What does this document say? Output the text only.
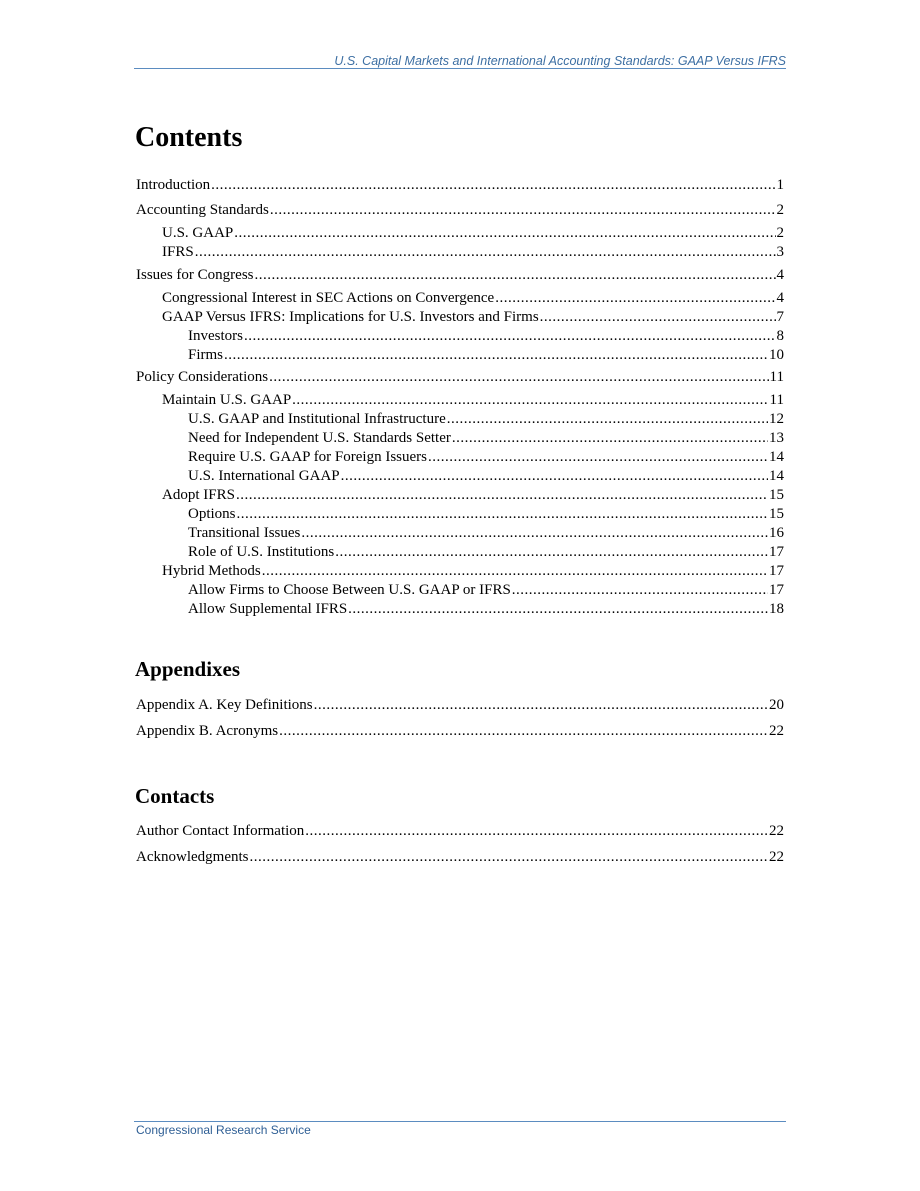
U.S. Capital Markets and International Accounting Standards: GAAP Versus IFRS
Contents
Introduction .....	1
Accounting Standards .....	2
U.S. GAAP .....	2
IFRS .....	3
Issues for Congress .....	4
Congressional Interest in SEC Actions on Convergence .....	4
GAAP Versus IFRS: Implications for U.S. Investors and Firms .....	7
Investors .....	8
Firms .....	10
Policy Considerations .....	11
Maintain U.S. GAAP .....	11
U.S. GAAP and Institutional Infrastructure .....	12
Need for Independent U.S. Standards Setter .....	13
Require U.S. GAAP for Foreign Issuers .....	14
U.S. International GAAP .....	14
Adopt IFRS .....	15
Options .....	15
Transitional Issues .....	16
Role of U.S. Institutions .....	17
Hybrid Methods .....	17
Allow Firms to Choose Between U.S. GAAP or IFRS .....	17
Allow Supplemental IFRS .....	18
Appendixes
Appendix A. Key Definitions .....	20
Appendix B. Acronyms .....	22
Contacts
Author Contact Information .....	22
Acknowledgments .....	22
Congressional Research Service
